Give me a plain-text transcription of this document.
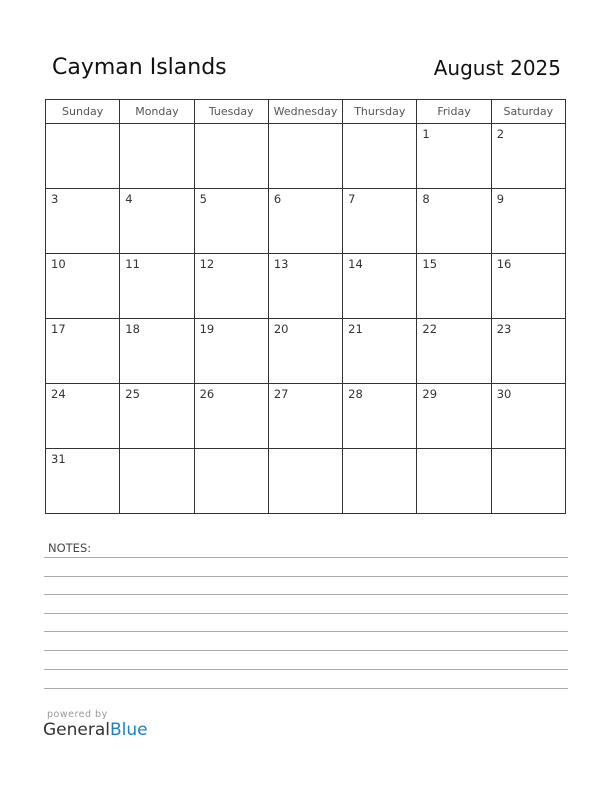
Cayman Islands	August 2025
Sunday	Monday	Tuesday	Wednesday	Thursday	Friday	Saturday

					1	2

3	4	5	6	7	8	9

10	11	12	13	14	15	16

17	18	19	20	21	22	23

24	25	26	27	28	29	30

31						

NOTES:
powered by
GeneralBlue
